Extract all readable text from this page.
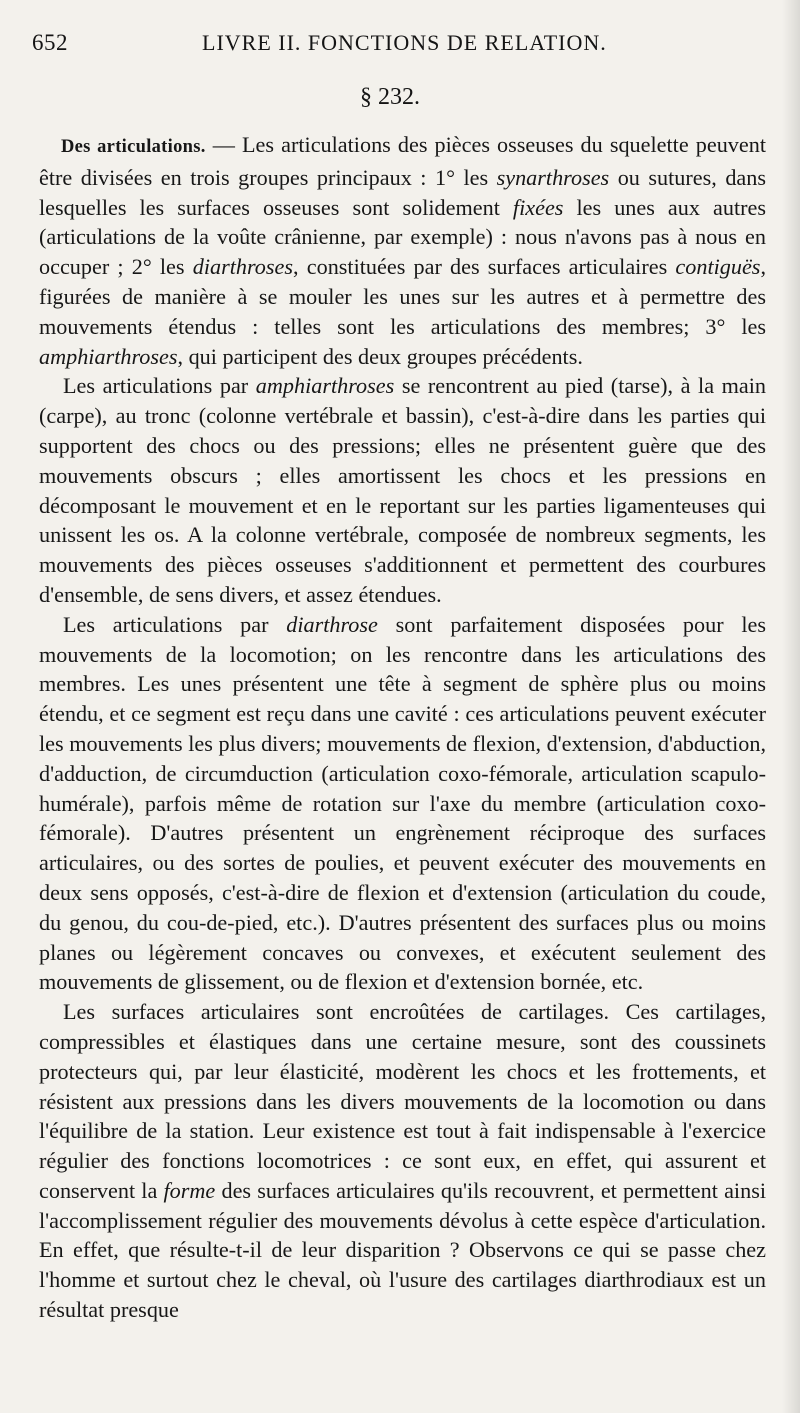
652	LIVRE II. FONCTIONS DE RELATION.
§ 232.

Des articulations. — Les articulations des pièces osseuses du squelette peuvent être divisées en trois groupes principaux : 1° les synarthroses ou sutures, dans lesquelles les surfaces osseuses sont solidement fixées les unes aux autres (articulations de la voûte crânienne, par exemple) : nous n'avons pas à nous en occuper ; 2° les diarthroses, constituées par des surfaces articulaires contiguës, figurées de manière à se mouler les unes sur les autres et à permettre des mouvements étendus : telles sont les articulations des membres; 3° les amphiarthroses, qui participent des deux groupes précédents.

Les articulations par amphiarthroses se rencontrent au pied (tarse), à la main (carpe), au tronc (colonne vertébrale et bassin), c'est-à-dire dans les parties qui supportent des chocs ou des pressions; elles ne présentent guère que des mouvements obscurs ; elles amortissent les chocs et les pressions en décomposant le mouvement et en le reportant sur les parties ligamenteuses qui unissent les os. A la colonne vertébrale, composée de nombreux segments, les mouvements des pièces osseuses s'additionnent et permettent des courbures d'ensemble, de sens divers, et assez étendues.

Les articulations par diarthrose sont parfaitement disposées pour les mouvements de la locomotion; on les rencontre dans les articulations des membres. Les unes présentent une tête à segment de sphère plus ou moins étendu, et ce segment est reçu dans une cavité : ces articulations peuvent exécuter les mouvements les plus divers; mouvements de flexion, d'extension, d'abduction, d'adduction, de circumduction (articulation coxo-fémorale, articulation scapulo-humérale), parfois même de rotation sur l'axe du membre (articulation coxo-fémorale). D'autres présentent un engrènement réciproque des surfaces articulaires, ou des sortes de poulies, et peuvent exécuter des mouvements en deux sens opposés, c'est-à-dire de flexion et d'extension (articulation du coude, du genou, du cou-de-pied, etc.). D'autres présentent des surfaces plus ou moins planes ou légèrement concaves ou convexes, et exécutent seulement des mouvements de glissement, ou de flexion et d'extension bornée, etc.

Les surfaces articulaires sont encroûtées de cartilages. Ces cartilages, compressibles et élastiques dans une certaine mesure, sont des coussinets protecteurs qui, par leur élasticité, modèrent les chocs et les frottements, et résistent aux pressions dans les divers mouvements de la locomotion ou dans l'équilibre de la station. Leur existence est tout à fait indispensable à l'exercice régulier des fonctions locomotrices : ce sont eux, en effet, qui assurent et conservent la forme des surfaces articulaires qu'ils recouvrent, et permettent ainsi l'accomplissement régulier des mouvements dévolus à cette espèce d'articulation. En effet, que résulte-t-il de leur disparition ? Observons ce qui se passe chez l'homme et surtout chez le cheval, où l'usure des cartilages diarthrodiaux est un résultat presque
